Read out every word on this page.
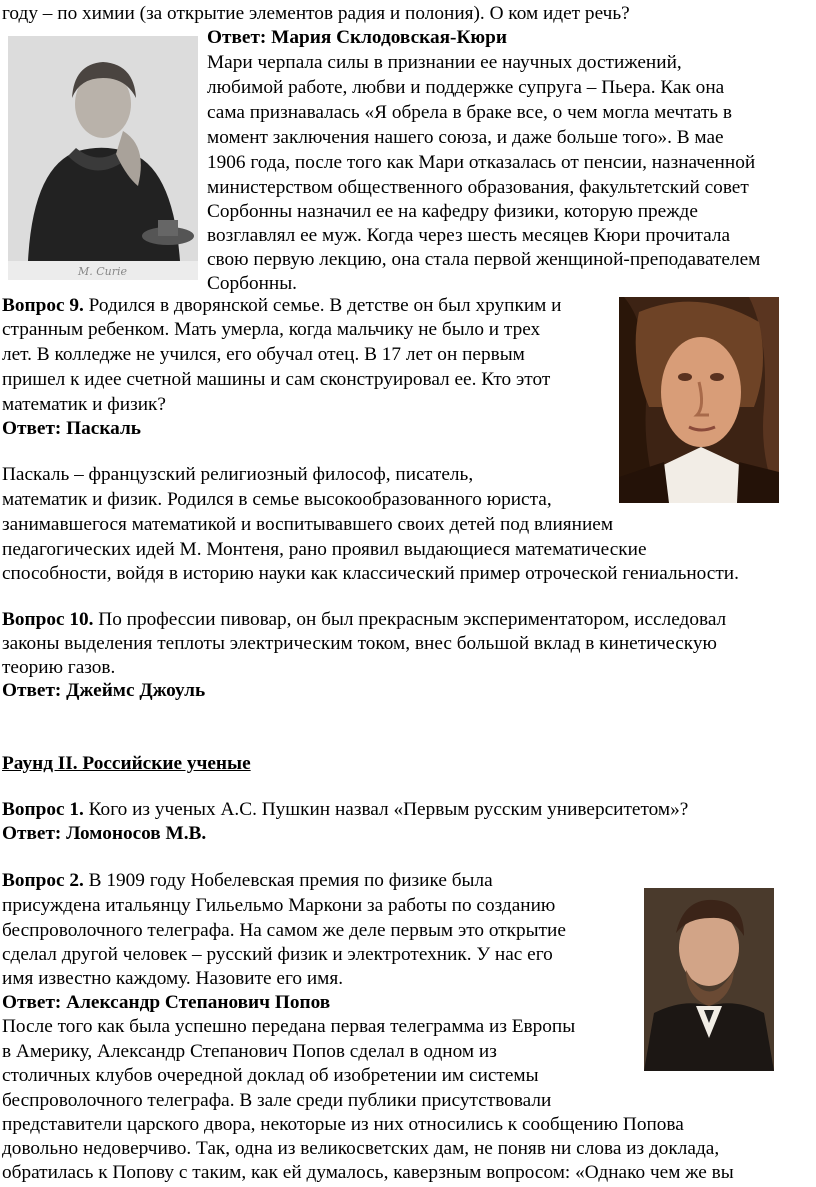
M. Curie
году – по химии (за открытие элементов радия и полония). О ком идет речь?
Ответ: Мария Склодовская-Кюри
Мари черпала силы в признании ее научных достижений,
любимой работе, любви и поддержке супруга – Пьера. Как она
сама признавалась «Я обрела в браке все, о чем могла мечтать в
момент заключения нашего союза, и даже больше того». В мае
1906 года, после того как Мари отказалась от пенсии, назначенной
министерством общественного образования, факультетский совет
Сорбонны назначил ее на кафедру физики, которую прежде
возглавлял ее муж. Когда через шесть месяцев Кюри прочитала
свою первую лекцию, она стала первой женщиной-преподавателем
Сорбонны.
Вопрос 9. Родился в дворянской семье. В детстве он был хрупким и
странным ребенком. Мать умерла, когда мальчику не было и трех
лет. В колледже не учился, его обучал отец. В 17 лет он первым
пришел к идее счетной машины и сам сконструировал ее. Кто этот
математик и физик?
Ответ: Паскаль
Паскаль – французский религиозный философ, писатель,
математик и физик. Родился в семье высокообразованного юриста,
занимавшегося математикой и воспитывавшего своих детей под влиянием
педагогических идей М. Монтеня, рано проявил выдающиеся математические
способности, войдя в историю науки как классический пример отроческой гениальности.
Вопрос 10. По профессии пивовар, он был прекрасным экспериментатором, исследовал
законы выделения теплоты электрическим током, внес большой вклад в кинетическую
теорию газов.
Ответ: Джеймс Джоуль
Раунд II. Российские ученые
Вопрос 1. Кого из ученых А.С. Пушкин назвал «Первым русским университетом»?
Ответ: Ломоносов М.В.
Вопрос 2. В 1909 году Нобелевская премия по физике была
присуждена итальянцу Гильельмо Маркони за работы по созданию
беспроволочного телеграфа. На самом же деле первым это открытие
сделал другой человек – русский физик и электротехник. У нас его
имя известно каждому. Назовите его имя.
Ответ: Александр Степанович Попов
После того как была успешно передана первая телеграмма из Европы
в Америку, Александр Степанович Попов сделал в одном из
столичных клубов очередной доклад об изобретении им системы
беспроволочного телеграфа. В зале среди публики присутствовали
представители царского двора, некоторые из них относились к сообщению Попова
довольно недоверчиво. Так, одна из великосветских дам, не поняв ни слова из доклада,
обратилась к Попову с таким, как ей думалось, каверзным вопросом: «Однако чем же вы
